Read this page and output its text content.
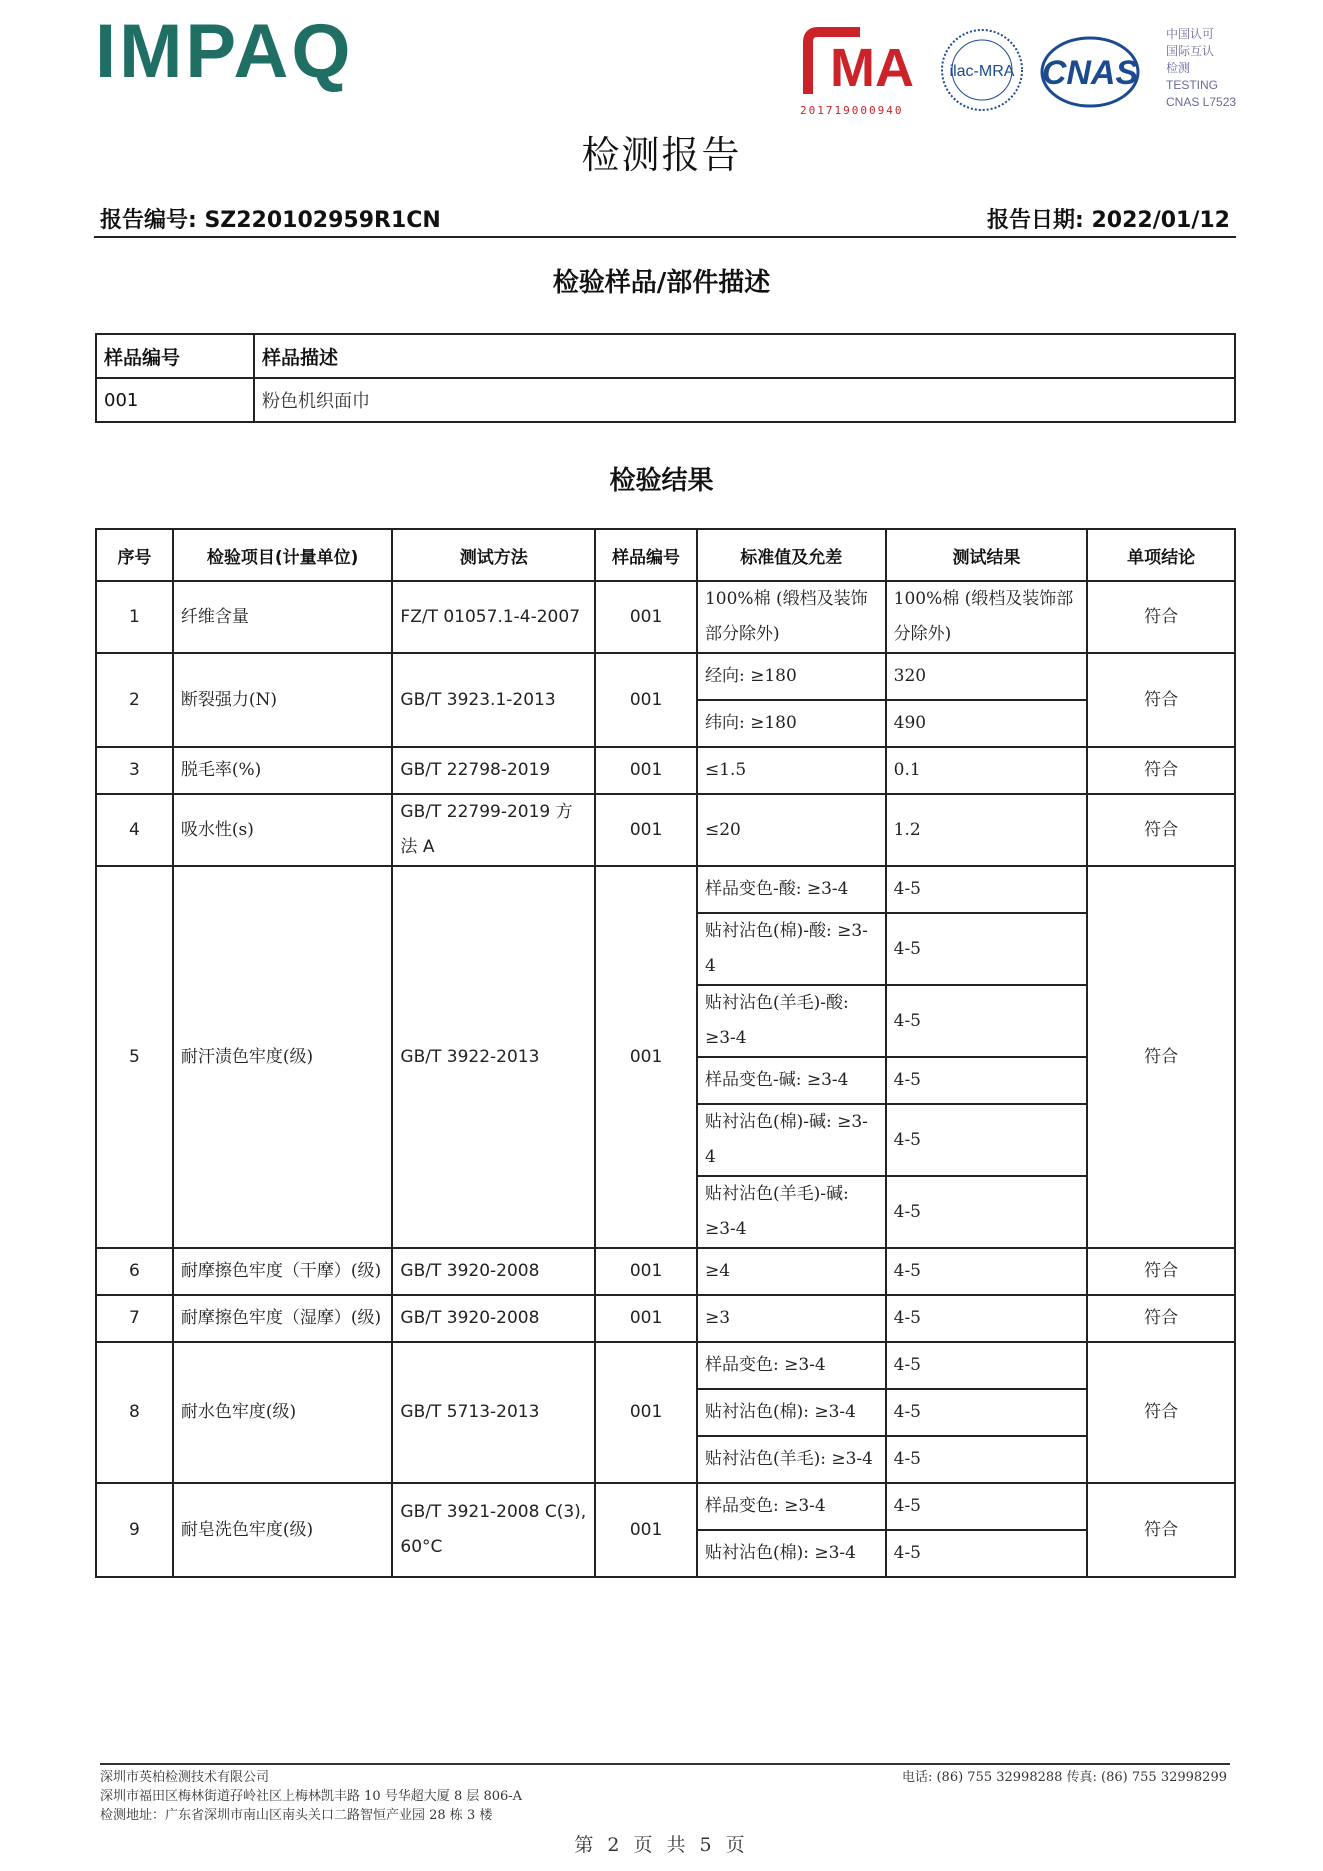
IMPAQ	MA
201719000940
ilac-MRA CNAS
中国认可
国际互认
检测
TESTING
CNAS L7523
检测报告
报告编号: SZ220102959R1CN	报告日期: 2022/01/12
检验样品/部件描述
样品编号	样品描述
001	粉色机织面巾
检验结果
序号	检验项目(计量单位)	测试方法	样品编号	标准值及允差	测试结果	单项结论
1	纤维含量	FZ/T 01057.1-4-2007	001	100%棉 (缎档及装饰部分除外)	100%棉 (缎档及装饰部分除外)	符合
2	断裂强力(N)	GB/T 3923.1-2013	001	经向: ≥180	320	符合
				纬向: ≥180	490	
3	脱毛率(%)	GB/T 22798-2019	001	≤1.5	0.1	符合
4	吸水性(s)	GB/T 22799-2019 方法 A	001	≤20	1.2	符合
5	耐汗渍色牢度(级)	GB/T 3922-2013	001	样品变色-酸: ≥3-4	4-5	符合
				贴衬沾色(棉)-酸: ≥3-4	4-5	
				贴衬沾色(羊毛)-酸: ≥3-4	4-5	
				样品变色-碱: ≥3-4	4-5	
				贴衬沾色(棉)-碱: ≥3-4	4-5	
				贴衬沾色(羊毛)-碱: ≥3-4	4-5	
6	耐摩擦色牢度（干摩）(级)	GB/T 3920-2008	001	≥4	4-5	符合
7	耐摩擦色牢度（湿摩）(级)	GB/T 3920-2008	001	≥3	4-5	符合
8	耐水色牢度(级)	GB/T 5713-2013	001	样品变色: ≥3-4	4-5	符合
				贴衬沾色(棉): ≥3-4	4-5	
				贴衬沾色(羊毛): ≥3-4	4-5	
9	耐皂洗色牢度(级)	GB/T 3921-2008 C(3), 60°C	001	样品变色: ≥3-4	4-5	符合
				贴衬沾色(棉): ≥3-4	4-5	
深圳市英柏检测技术有限公司
深圳市福田区梅林街道孖岭社区上梅林凯丰路 10 号华超大厦 8 层 806-A
检测地址：广东省深圳市南山区南头关口二路智恒产业园 28 栋 3 楼
电话: (86) 755 32998288 传真: (86) 755 32998299
第 2 页 共 5 页
